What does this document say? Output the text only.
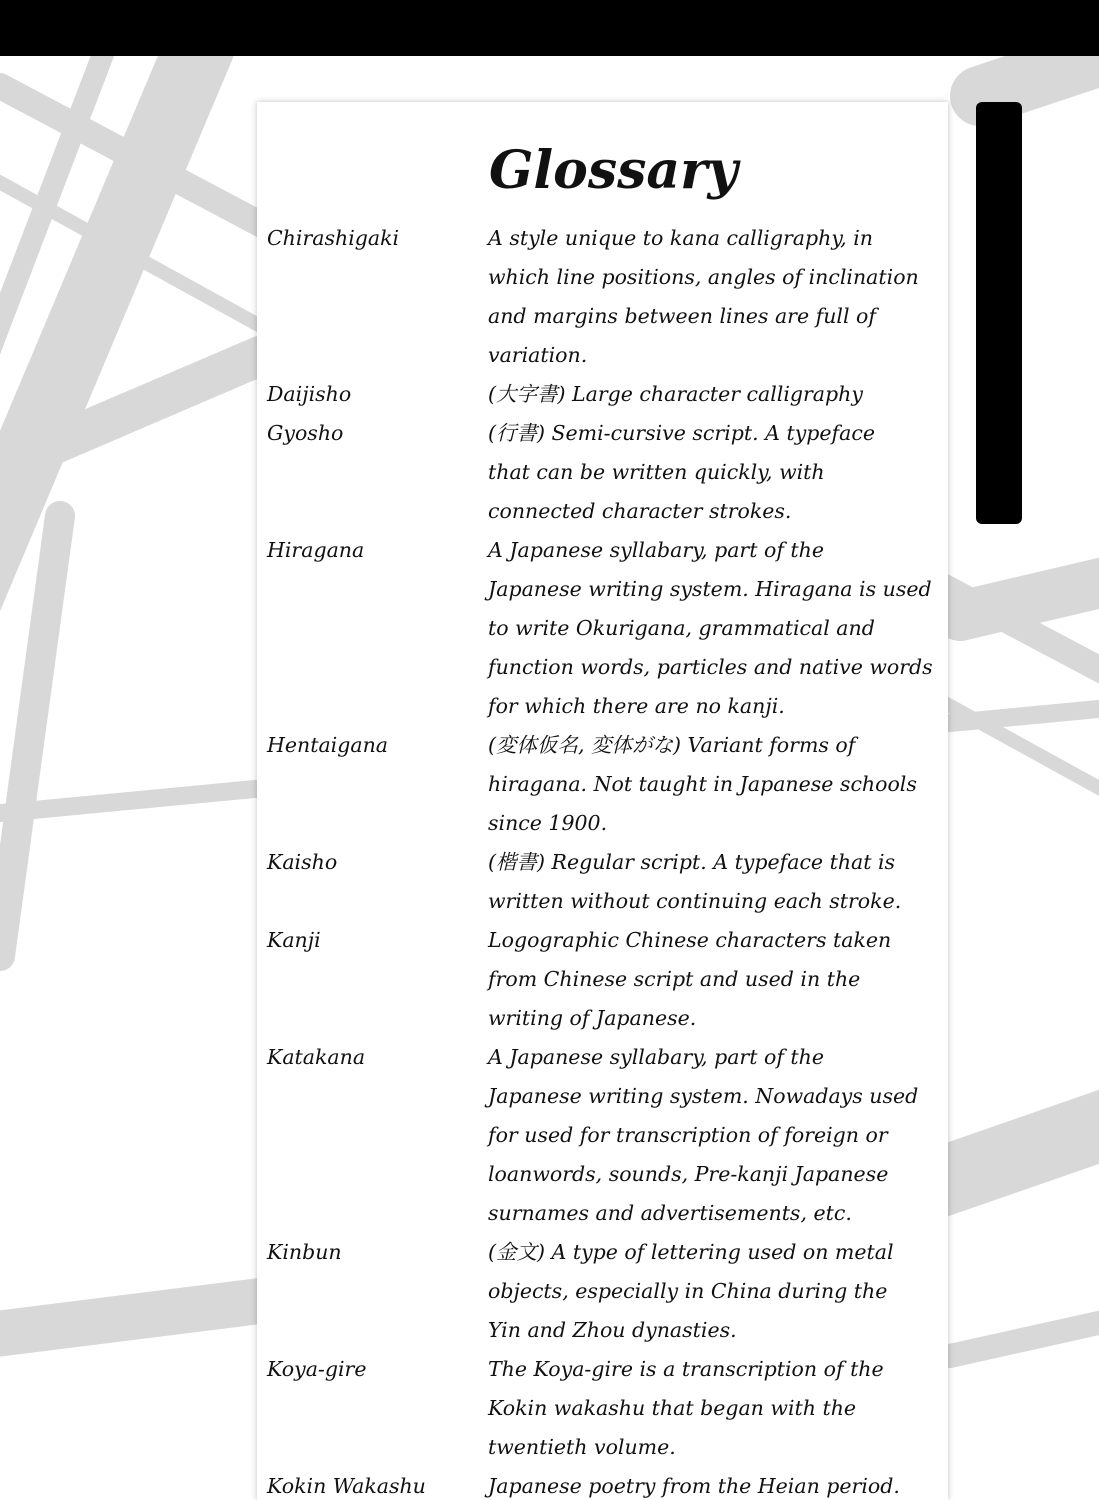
Glossary
Chirashigaki	A style unique to kana calligraphy, in
which line positions, angles of inclination
and margins between lines are full of
variation.
Daijisho	(大字書) Large character calligraphy
Gyosho	(行書) Semi-cursive script. A typeface
that can be written quickly, with
connected character strokes.
Hiragana	A Japanese syllabary, part of the
Japanese writing system. Hiragana is used
to write Okurigana, grammatical and
function words, particles and native words
for which there are no kanji.
Hentaigana	(変体仮名, 変体がな) Variant forms of
hiragana. Not taught in Japanese schools
since 1900.
Kaisho	(楷書) Regular script. A typeface that is
written without continuing each stroke.
Kanji	Logographic Chinese characters taken
from Chinese script and used in the
writing of Japanese.
Katakana	A Japanese syllabary, part of the
Japanese writing system. Nowadays used
for used for transcription of foreign or
loanwords, sounds, Pre-kanji Japanese
surnames and advertisements, etc.
Kinbun	(金文) A type of lettering used on metal
objects, especially in China during the
Yin and Zhou dynasties.
Koya-gire	The Koya-gire is a transcription of the
Kokin wakashu that began with the
twentieth volume.
Kokin Wakashu	Japanese poetry from the Heian period.
